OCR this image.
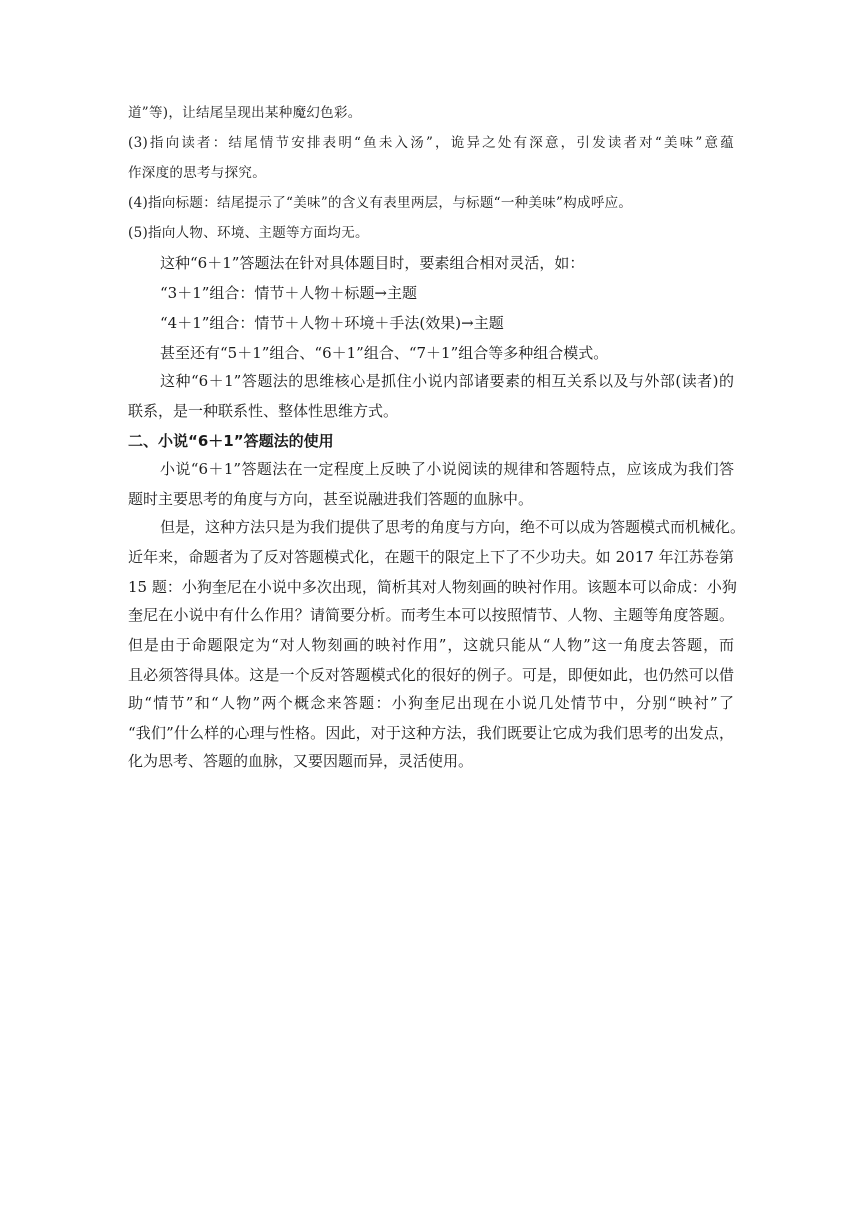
道”等)，让结尾呈现出某种魔幻色彩。
(3)指向读者：结尾情节安排表明“鱼未入汤”，诡异之处有深意，引发读者对“美味”意蕴
作深度的思考与探究。
(4)指向标题：结尾提示了“美味”的含义有表里两层，与标题“一种美味”构成呼应。
(5)指向人物、环境、主题等方面均无。
这种“6＋1”答题法在针对具体题目时，要素组合相对灵活，如：
“3＋1”组合：情节＋人物＋标题→主题
“4＋1”组合：情节＋人物＋环境＋手法(效果)→主题
甚至还有“5＋1”组合、“6＋1”组合、“7＋1”组合等多种组合模式。
这种“6＋1”答题法的思维核心是抓住小说内部诸要素的相互关系以及与外部(读者)的
联系，是一种联系性、整体性思维方式。
二、小说“6＋1”答题法的使用
小说“6＋1”答题法在一定程度上反映了小说阅读的规律和答题特点，应该成为我们答
题时主要思考的角度与方向，甚至说融进我们答题的血脉中。
但是，这种方法只是为我们提供了思考的角度与方向，绝不可以成为答题模式而机械化。
近年来，命题者为了反对答题模式化，在题干的限定上下了不少功夫。如 2017 年江苏卷第
15 题：小狗奎尼在小说中多次出现，简析其对人物刻画的映衬作用。该题本可以命成：小狗
奎尼在小说中有什么作用？请简要分析。而考生本可以按照情节、人物、主题等角度答题。
但是由于命题限定为“对人物刻画的映衬作用”，这就只能从“人物”这一角度去答题，而
且必须答得具体。这是一个反对答题模式化的很好的例子。可是，即便如此，也仍然可以借
助“情节”和“人物”两个概念来答题：小狗奎尼出现在小说几处情节中，分别“映衬”了
“我们”什么样的心理与性格。因此，对于这种方法，我们既要让它成为我们思考的出发点，
化为思考、答题的血脉，又要因题而异，灵活使用。
